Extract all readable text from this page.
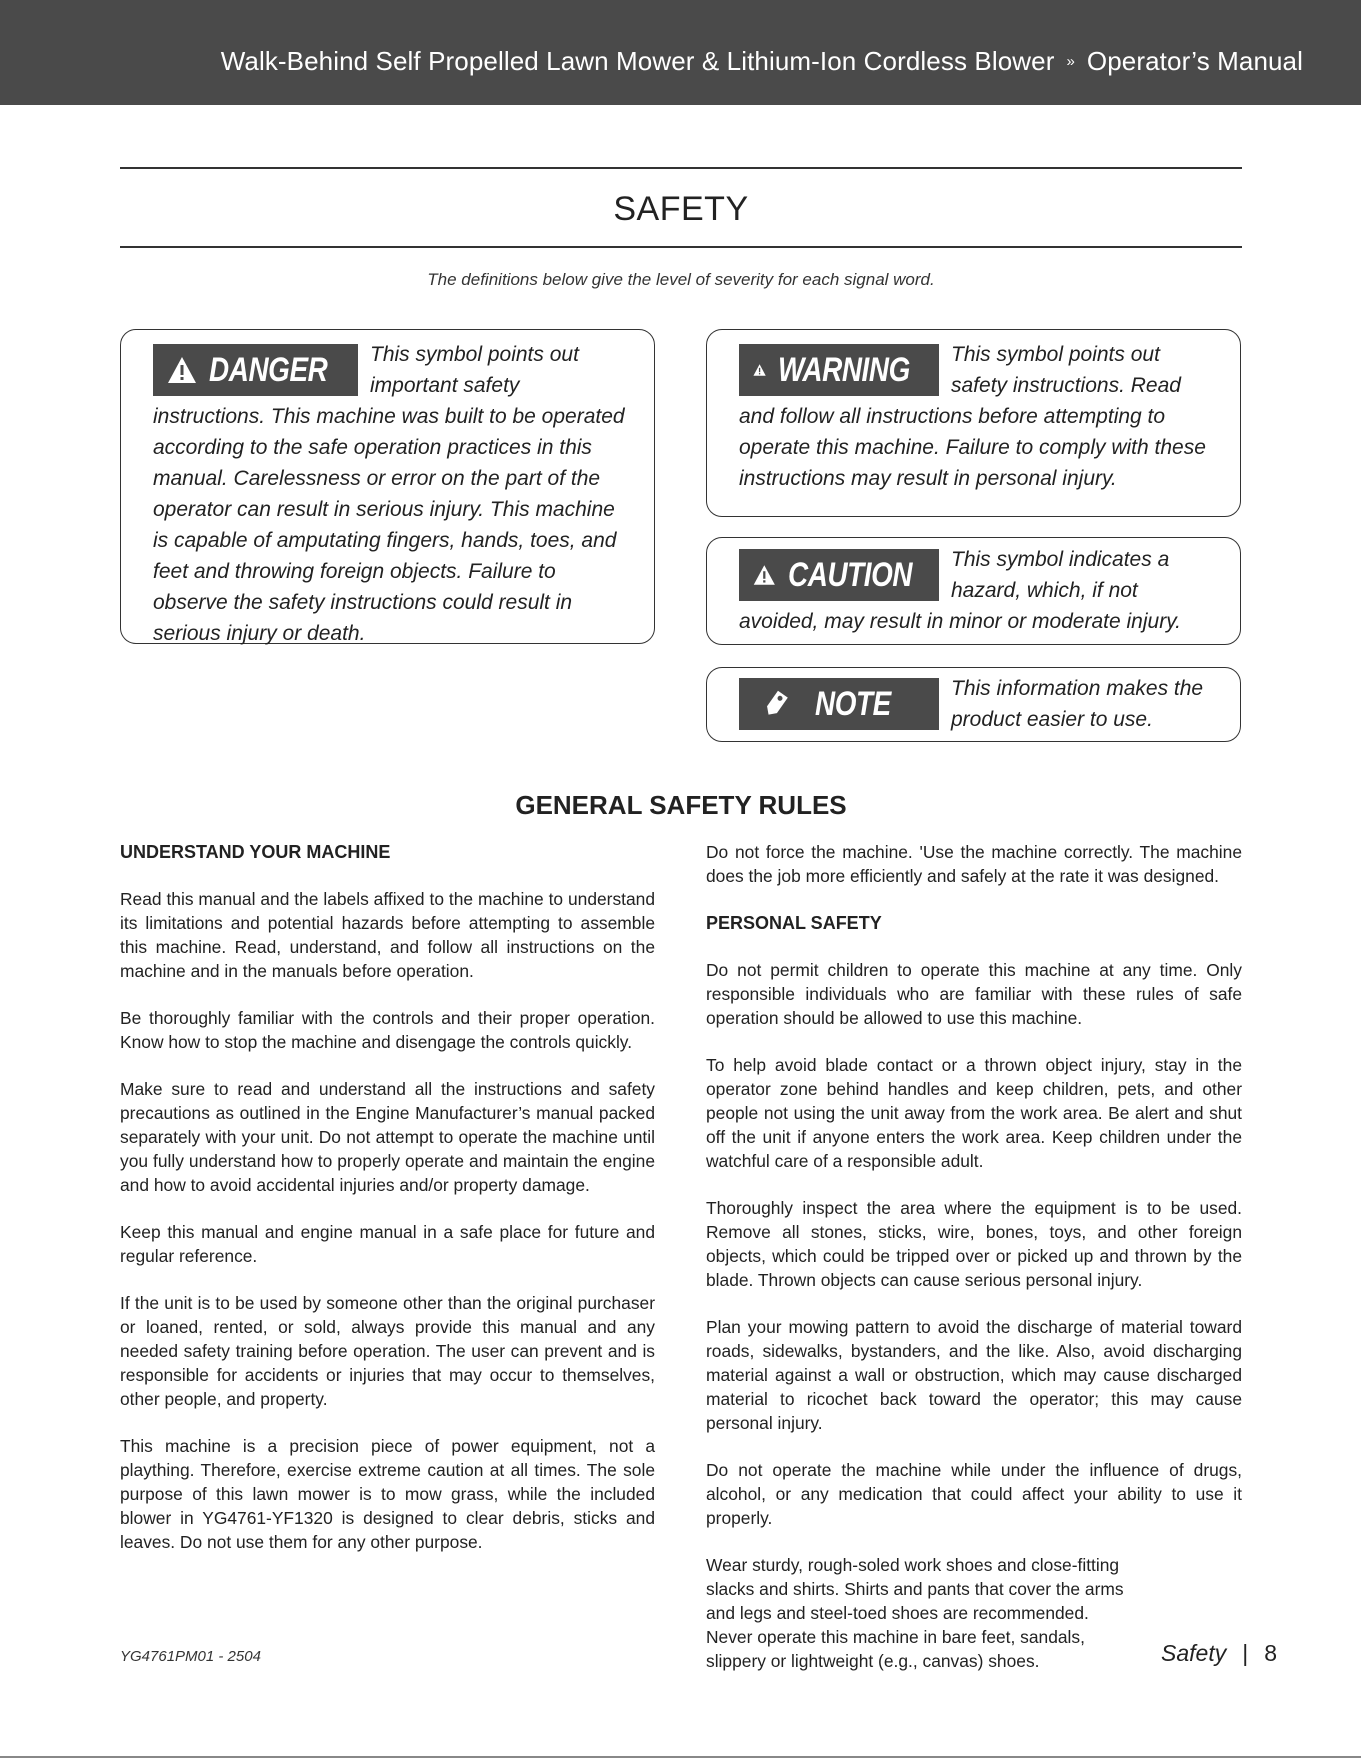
Walk-Behind Self Propelled Lawn Mower & Lithium-Ion Cordless Blower » Operator’s Manual
SAFETY
The definitions below give the level of severity for each signal word.
DANGER This symbol points out important safety instructions. This machine was built to be operated according to the safe operation practices in this manual. Carelessness or error on the part of the operator can result in serious injury. This machine is capable of amputating fingers, hands, toes, and feet and throwing foreign objects. Failure to observe the safety instructions could result in serious injury or death.
WARNING This symbol points out safety instructions. Read and follow all instructions before attempting to operate this machine. Failure to comply with these instructions may result in personal injury.
CAUTION This symbol indicates a hazard, which, if not avoided, may result in minor or moderate injury.
NOTE	This information makes the product easier to use.
GENERAL SAFETY RULES
UNDERSTAND YOUR MACHINE

Read this manual and the labels affixed to the machine to understand its limitations and potential hazards before attempting to assemble this machine. Read, understand, and follow all instructions on the machine and in the manuals before operation.

Be thoroughly familiar with the controls and their proper operation. Know how to stop the machine and disengage the controls quickly.

Make sure to read and understand all the instructions and safety precautions as outlined in the Engine Manufacturer’s manual packed separately with your unit. Do not attempt to operate the machine until you fully understand how to properly operate and maintain the engine and how to avoid accidental injuries and/or property damage.

Keep this manual and engine manual in a safe place for future and regular reference.

If the unit is to be used by someone other than the original purchaser or loaned, rented, or sold, always provide this manual and any needed safety training before operation. The user can prevent and is responsible for accidents or injuries that may occur to themselves, other people, and property.

This machine is a precision piece of power equipment, not a plaything. Therefore, exercise extreme caution at all times. The sole purpose of this lawn mower is to mow grass, while the included blower in YG4761-YF1320 is designed to clear debris, sticks and leaves. Do not use them for any other purpose.

Do not force the machine. 'Use the machine correctly. The machine does the job more efficiently and safely at the rate it was designed.

PERSONAL SAFETY

Do not permit children to operate this machine at any time. Only responsible individuals who are familiar with these rules of safe operation should be allowed to use this machine.

To help avoid blade contact or a thrown object injury, stay in the operator zone behind handles and keep children, pets, and other people not using the unit away from the work area. Be alert and shut off the unit if anyone enters the work area. Keep children under the watchful care of a responsible adult.

Thoroughly inspect the area where the equipment is to be used. Remove all stones, sticks, wire, bones, toys, and other foreign objects, which could be tripped over or picked up and thrown by the blade. Thrown objects can cause serious personal injury.

Plan your mowing pattern to avoid the discharge of material toward roads, sidewalks, bystanders, and the like. Also, avoid discharging material against a wall or obstruction, which may cause discharged material to ricochet back toward the operator; this may cause personal injury.

Do not operate the machine while under the influence of drugs, alcohol, or any medication that could affect your ability to use it properly.

Wear sturdy, rough-soled work shoes and close-fitting slacks and shirts. Shirts and pants that cover the arms and legs and steel-toed shoes are recommended. Never operate this machine in bare feet, sandals, slippery or lightweight (e.g., canvas) shoes.

YG4761PM01 - 2504	Safety | 8
